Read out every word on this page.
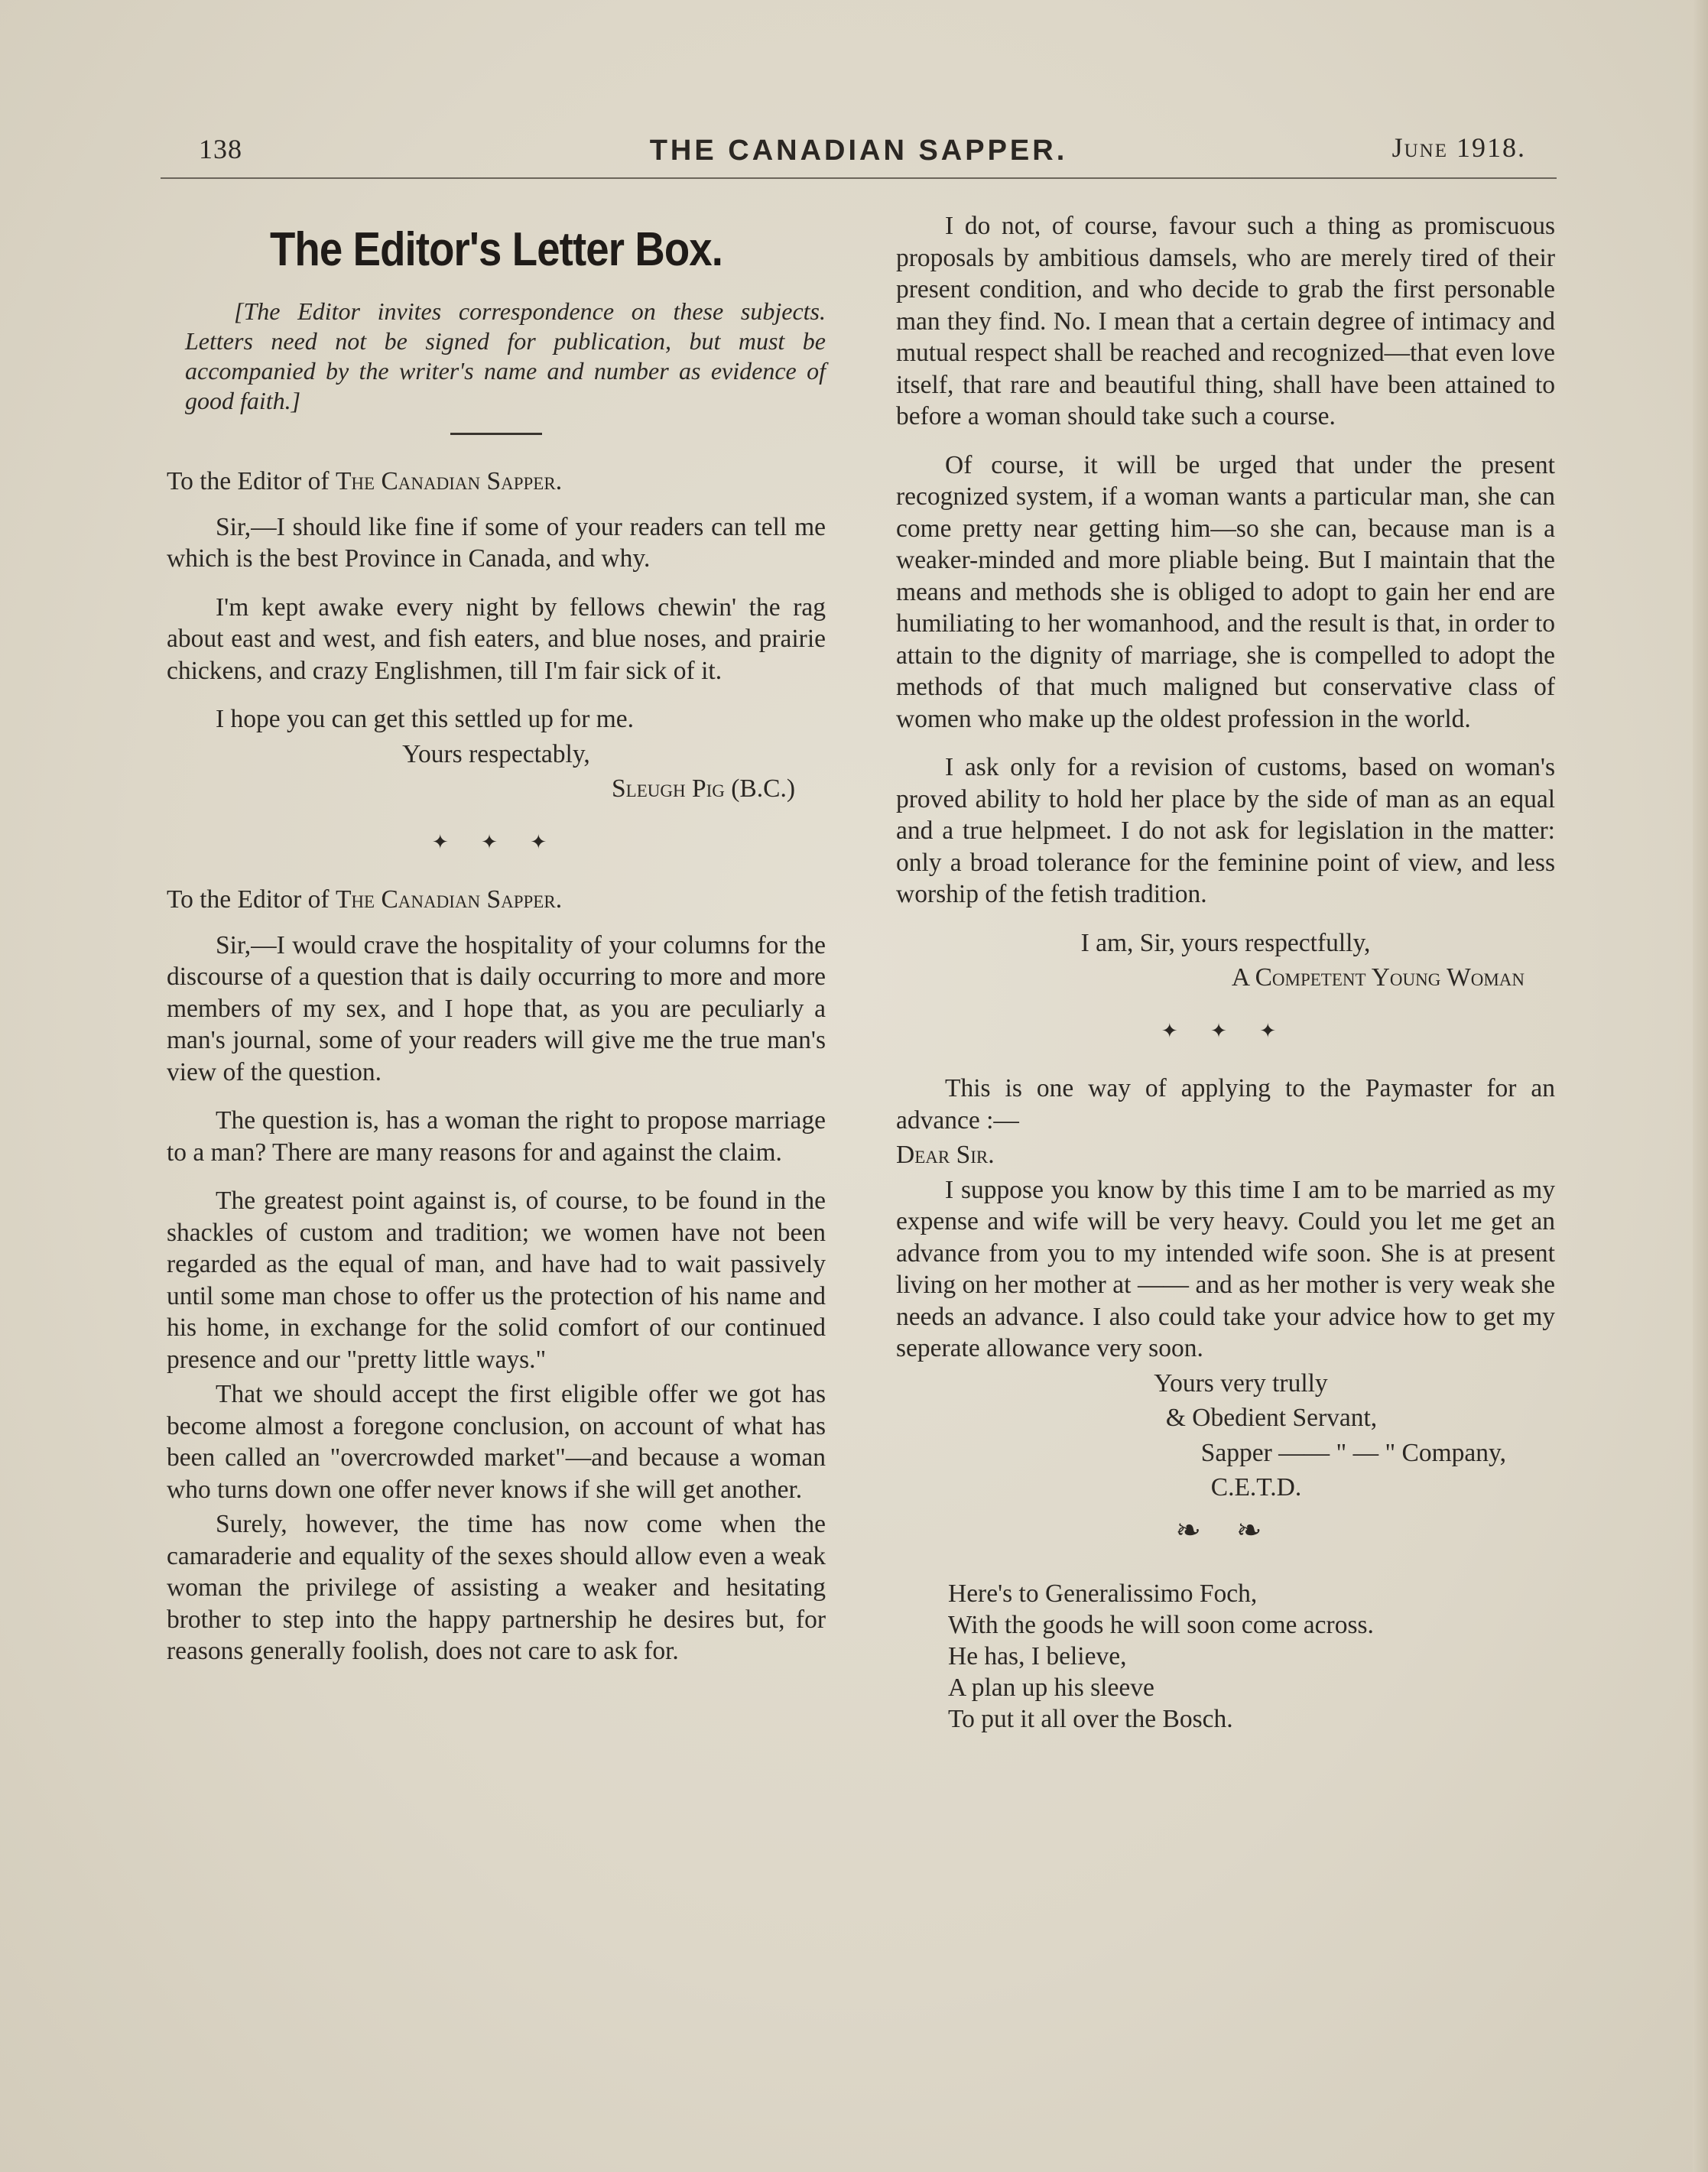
138	THE CANADIAN SAPPER.	June 1918.
The Editor's Letter Box.

[The Editor invites correspondence on these subjects. Letters need not be signed for publication, but must be accompanied by the writer's name and number as evidence of good faith.]

To the Editor of The Canadian Sapper.

Sir,—I should like fine if some of your readers can tell me which is the best Province in Canada, and why.

I'm kept awake every night by fellows chewin' the rag about east and west, and fish eaters, and blue noses, and prairie chickens, and crazy Englishmen, till I'm fair sick of it.

I hope you can get this settled up for me.

Yours respectably,
Sleugh Pig (B.C.)
✦ ✦ ✦

To the Editor of The Canadian Sapper.

Sir,—I would crave the hospitality of your columns for the discourse of a question that is daily occurring to more and more members of my sex, and I hope that, as you are peculiarly a man's journal, some of your readers will give me the true man's view of the question.

The question is, has a woman the right to propose marriage to a man? There are many reasons for and against the claim.

The greatest point against is, of course, to be found in the shackles of custom and tradition; we women have not been regarded as the equal of man, and have had to wait passively until some man chose to offer us the protection of his name and his home, in exchange for the solid comfort of our continued presence and our "pretty little ways."

That we should accept the first eligible offer we got has become almost a foregone conclusion, on account of what has been called an "overcrowded market"—and because a woman who turns down one offer never knows if she will get another.

Surely, however, the time has now come when the camaraderie and equality of the sexes should allow even a weak woman the privilege of assisting a weaker and hesitating brother to step into the happy partnership he desires but, for reasons generally foolish, does not care to ask for.

I do not, of course, favour such a thing as promiscuous proposals by ambitious damsels, who are merely tired of their present condition, and who decide to grab the first personable man they find. No. I mean that a certain degree of intimacy and mutual respect shall be reached and recognized—that even love itself, that rare and beautiful thing, shall have been attained to before a woman should take such a course.

Of course, it will be urged that under the present recognized system, if a woman wants a particular man, she can come pretty near getting him—so she can, because man is a weaker-minded and more pliable being. But I maintain that the means and methods she is obliged to adopt to gain her end are humiliating to her womanhood, and the result is that, in order to attain to the dignity of marriage, she is compelled to adopt the methods of that much maligned but conservative class of women who make up the oldest profession in the world.

I ask only for a revision of customs, based on woman's proved ability to hold her place by the side of man as an equal and a true helpmeet. I do not ask for legislation in the matter: only a broad tolerance for the feminine point of view, and less worship of the fetish tradition.

I am, Sir, yours respectfully,
A Competent Young Woman
✦ ✦ ✦

This is one way of applying to the Paymaster for an advance :—

Dear Sir.

I suppose you know by this time I am to be married as my expense and wife will be very heavy. Could you let me get an advance from you to my intended wife soon. She is at present living on her mother at —— and as her mother is very weak she needs an advance. I also could take your advice how to get my seperate allowance very soon.

Yours very trully
& Obedient Servant,
Sapper —— " — " Company,
C.E.T.D.
❧ ❧
Here's to Generalissimo Foch,
With the goods he will soon come across.
He has, I believe,
A plan up his sleeve
To put it all over the Bosch.
